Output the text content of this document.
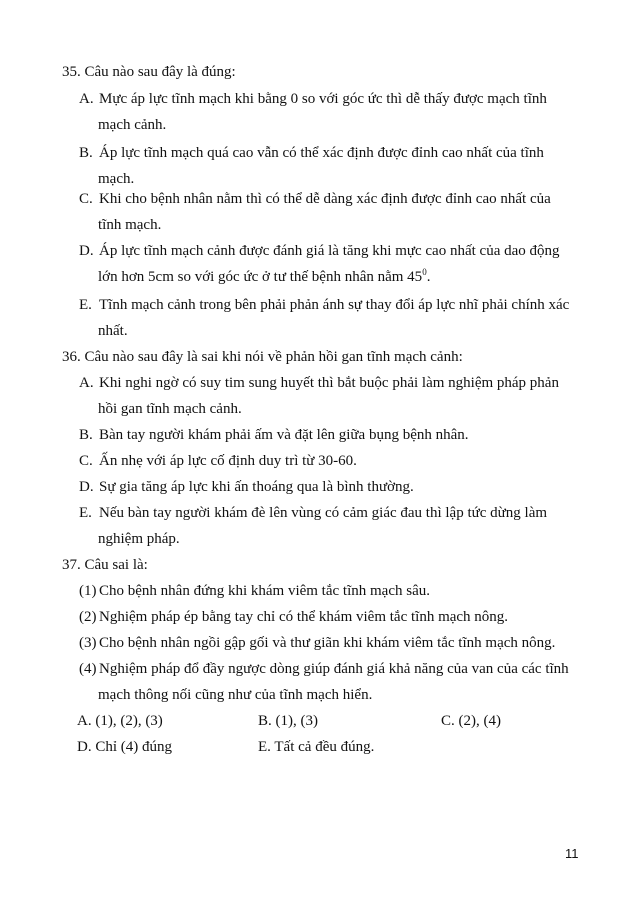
35. Câu nào sau đây là đúng:
A. Mực áp lực tĩnh mạch khi bằng 0 so với góc ức thì dễ thấy được mạch tĩnh
mạch cảnh.
B. Áp lực tĩnh mạch quá cao vẫn có thể xác định được đỉnh cao nhất của tĩnh
mạch.
C. Khi cho bệnh nhân nằm thì có thể dễ dàng xác định được đỉnh cao nhất của
tĩnh mạch.
D. Áp lực tĩnh mạch cảnh được đánh giá là tăng khi mực cao nhất của dao động
lớn hơn 5cm so với góc ức ở tư thế bệnh nhân nằm $45^0$.
E. Tĩnh mạch cảnh trong bên phải phản ánh sự thay đổi áp lực nhĩ phải chính xác
nhất.
36. Câu nào sau đây là sai khi nói về phản hồi gan tĩnh mạch cảnh:
A. Khi nghi ngờ có suy tim sung huyết thì bắt buộc phải làm nghiệm pháp phản
hồi gan tĩnh mạch cảnh.
B. Bàn tay người khám phải ấm và đặt lên giữa bụng bệnh nhân.
C. Ấn nhẹ với áp lực cố định duy trì từ 30-60.
D. Sự gia tăng áp lực khi ấn thoáng qua là bình thường.
E. Nếu bàn tay người khám đè lên vùng có cảm giác đau thì lập tức dừng làm
nghiệm pháp.
37. Câu sai là:
(1) Cho bệnh nhân đứng khi khám viêm tắc tĩnh mạch sâu.
(2) Nghiệm pháp ép bằng tay chỉ có thể khám viêm tắc tĩnh mạch nông.
(3) Cho bệnh nhân ngồi gập gối và thư giãn khi khám viêm tắc tĩnh mạch nông.
(4) Nghiệm pháp đổ đầy ngược dòng giúp đánh giá khả năng của van của các tĩnh
mạch thông nối cũng như của tĩnh mạch hiển.
A. (1), (2), (3)	B. (1), (3)	C. (2), (4)
D. Chỉ (4) đúng	E. Tất cả đều đúng.
11
